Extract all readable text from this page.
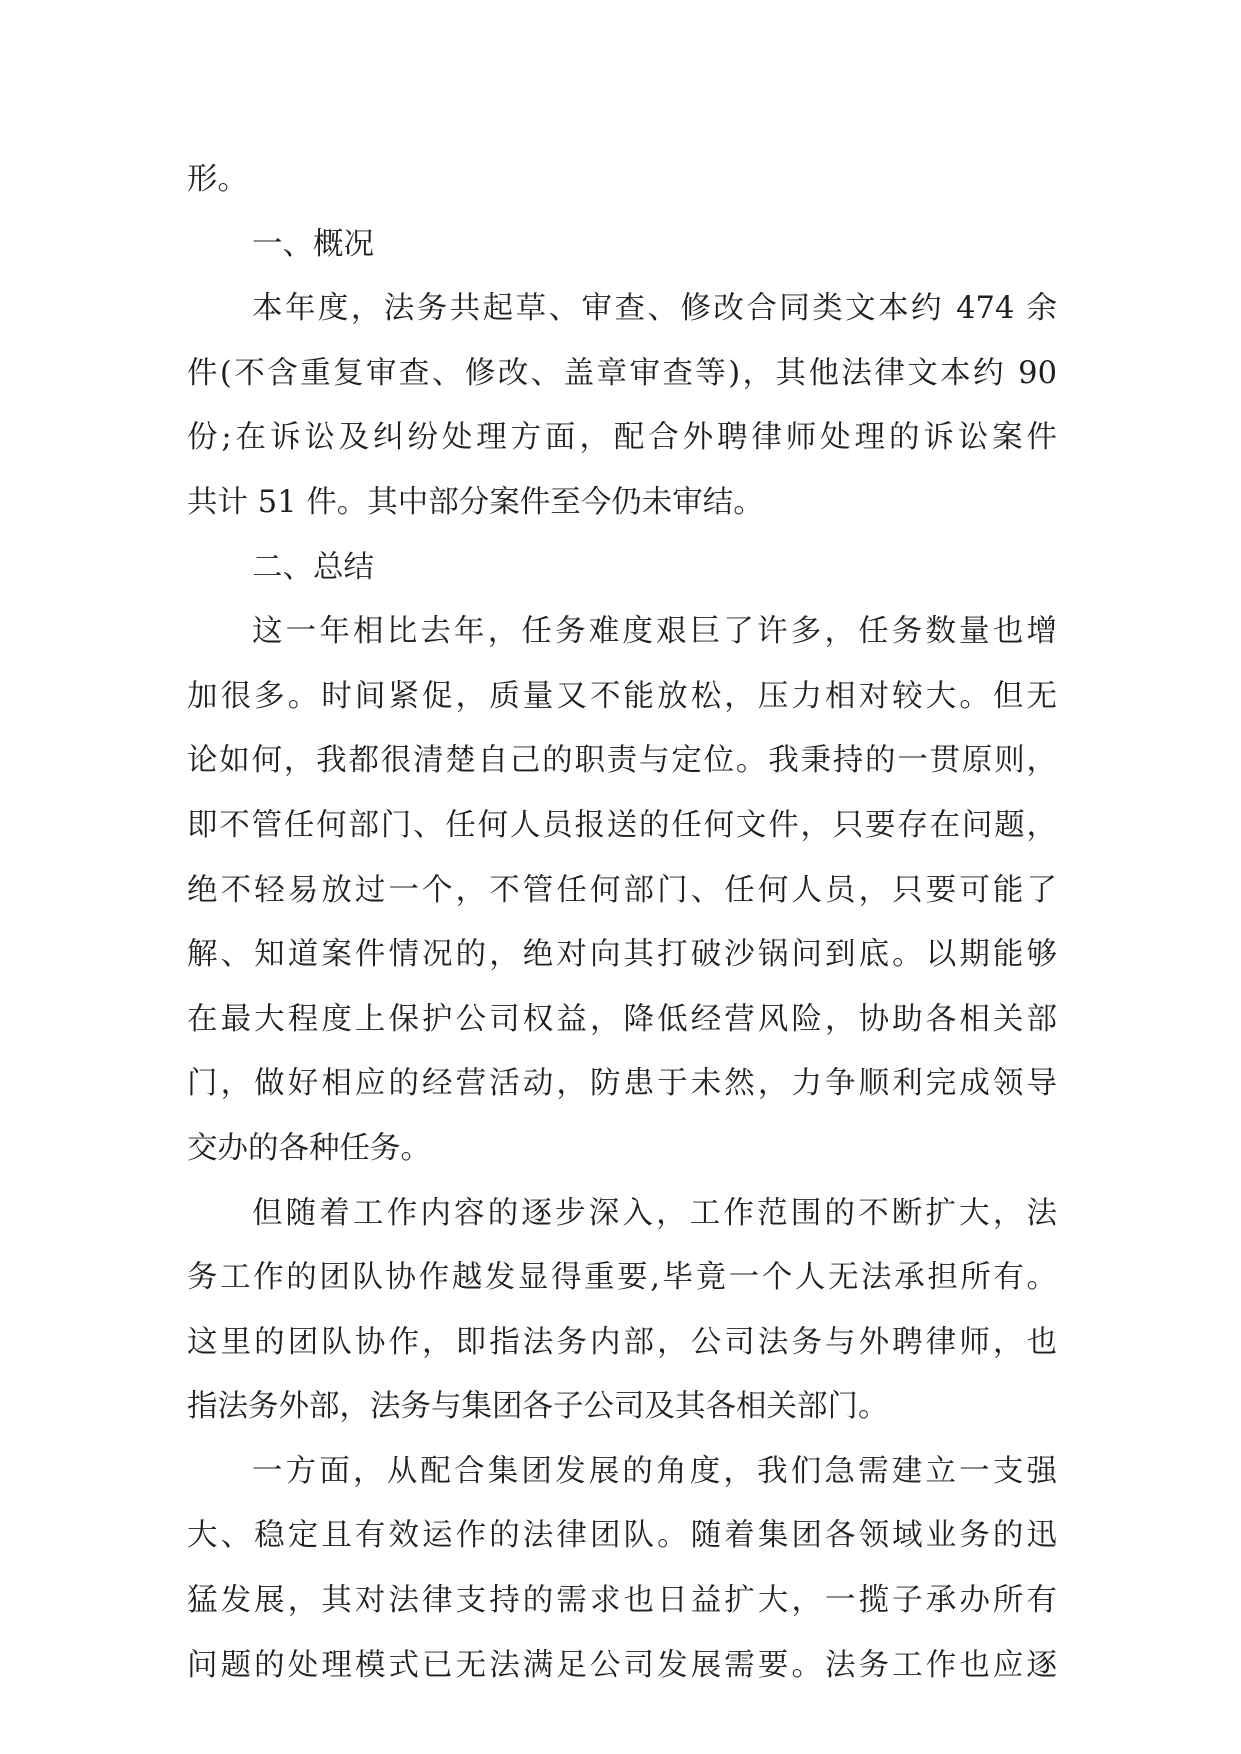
形。
一、概况
本年度，法务共起草、审查、修改合同类文本约 474 余
件(不含重复审查、修改、盖章审查等)，其他法律文本约 90
份;在诉讼及纠纷处理方面，配合外聘律师处理的诉讼案件
共计 51 件。其中部分案件至今仍未审结。
二、总结
这一年相比去年，任务难度艰巨了许多，任务数量也增
加很多。时间紧促，质量又不能放松，压力相对较大。但无
论如何，我都很清楚自己的职责与定位。我秉持的一贯原则，
即不管任何部门、任何人员报送的任何文件，只要存在问题，
绝不轻易放过一个，不管任何部门、任何人员，只要可能了
解、知道案件情况的，绝对向其打破沙锅问到底。以期能够
在最大程度上保护公司权益，降低经营风险，协助各相关部
门，做好相应的经营活动，防患于未然，力争顺利完成领导
交办的各种任务。
但随着工作内容的逐步深入，工作范围的不断扩大，法
务工作的团队协作越发显得重要,毕竟一个人无法承担所有。
这里的团队协作，即指法务内部，公司法务与外聘律师，也
指法务外部，法务与集团各子公司及其各相关部门。
一方面，从配合集团发展的角度，我们急需建立一支强
大、稳定且有效运作的法律团队。随着集团各领域业务的迅
猛发展，其对法律支持的需求也日益扩大，一揽子承办所有
问题的处理模式已无法满足公司发展需要。法务工作也应逐
